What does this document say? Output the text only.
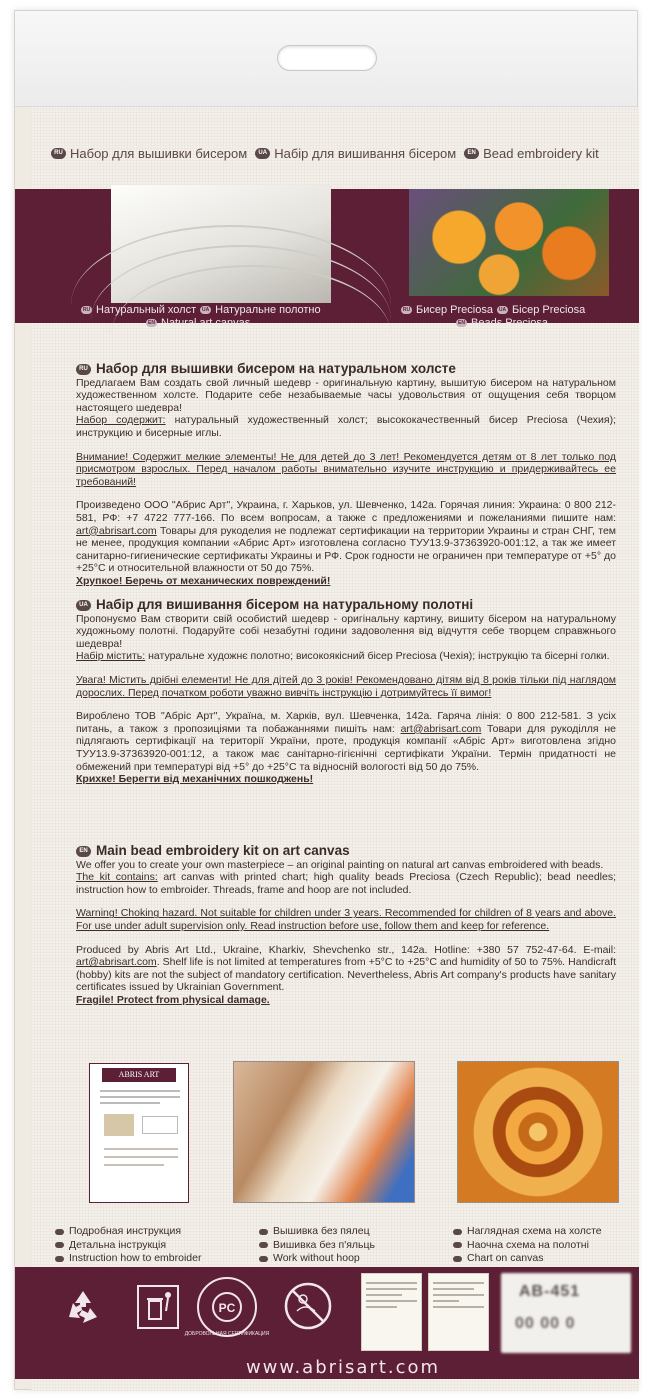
RU Набор для вышивки бисером	UA Набір для вишивання бісером	EN Bead embroidery kit
RU Натуральный холст	UA Натуральне полотно
EN Natural art canvas
RU Бисер Preciosa	UA Бісер Preciosa
EN Beads Preciosa
RU Набор для вышивки бисером на натуральном холсте

Предлагаем Вам создать свой личный шедевр - оригинальную картину, вышитую бисером на натуральном художественном холсте. Подарите себе незабываемые часы удовольствия от ощущения себя творцом настоящего шедевра!

Набор содержит: натуральный художественный холст; высококачественный бисер Preciosa (Чехия); инструкцию и бисерные иглы.

Внимание! Содержит мелкие элементы! Не для детей до 3 лет! Рекомендуется детям от 8 лет только под присмотром взрослых. Перед началом работы внимательно изучите инструкцию и придерживайтесь ее требований!

Произведено ООО "Абрис Арт", Украина, г. Харьков, ул. Шевченко, 142а. Горячая линия: Украина: 0 800 212-581, РФ: +7 4722 777-166. По всем вопросам, а также с предложениями и пожеланиями пишите нам: art@abrisart.com Товары для рукоделия не подлежат сертификации на территории Украины и стран СНГ, тем не менее, продукция компании «Абрис Арт» изготовлена согласно ТУУ13.9-37363920-001:12, а так же имеет санитарно-гигиенические сертификаты Украины и РФ. Срок годности не ограничен при температуре от +5° до +25°С и относительной влажности от 50 до 75%.

Хрупкое! Беречь от механических повреждений!

UA Набір для вишивання бісером на натуральному полотні

Пропонуємо Вам створити свій особистий шедевр - оригінальну картину, вишиту бісером на натуральному художньому полотні. Подаруйте собі незабутні години задоволення від відчуття себе творцем справжнього шедевра!

Набір містить: натуральне художнє полотно; високоякісний бісер Preciosa (Чехія); інструкцію та бісерні голки.

Увага! Містить дрібні елементи! Не для дітей до 3 років! Рекомендовано дітям від 8 років тільки під наглядом дорослих. Перед початком роботи уважно вивчіть інструкцію і дотримуйтесь її вимог!

Вироблено ТОВ "Абріс Арт", Україна, м. Харків, вул. Шевченка, 142а. Гаряча лінія: 0 800 212-581. З усіх питань, а також з пропозиціями та побажаннями пишіть нам: art@abrisart.com Товари для рукоділля не підлягають сертифікації на території України, проте, продукція компанії «Абріс Арт» виготовлена згідно ТУУ13.9-37363920-001:12, а також має санітарно-гігієнічні сертифікати України. Термін придатності не обмежений при температурі від +5° до +25°С та відносній вологості від 50 до 75%.

Крихке! Берегти від механічних пошкоджень!

EN Main bead embroidery kit on art canvas

We offer you to create your own masterpiece – an original painting on natural art canvas embroidered with beads.

The kit contains: art canvas with printed chart; high quality beads Preciosa (Czech Republic); bead needles; instruction how to embroider. Threads, frame and hoop are not included.

Warning! Choking hazard. Not suitable for children under 3 years. Recommended for children of 8 years and above. For use under adult supervision only. Read instruction before use, follow them and keep for reference.

Produced by Abris Art Ltd., Ukraine, Kharkiv, Shevchenko str., 142a. Hotline: +380 57 752-47-64. E-mail: art@abrisart.com. Shelf life is not limited at temperatures from +5°C to +25°C and humidity of 50 to 75%. Handicraft (hobby) kits are not the subject of mandatory certification. Nevertheless, Abris Art company's products have sanitary certificates issued by Ukrainian Government.

Fragile! Protect from physical damage.

ABRIS ART
Подробная инструкция
Детальна інструкція
Instruction how to embroider
Вышивка без пялец
Вишивка без п'яльць
Work without hoop
Наглядная схема на холсте
Наочна схема на полотні
Chart on canvas
PC
ДОБРОВОЛЬНАЯ СЕРТИФИКАЦИЯ
AB-451
00 00 0
www.abrisart.com
